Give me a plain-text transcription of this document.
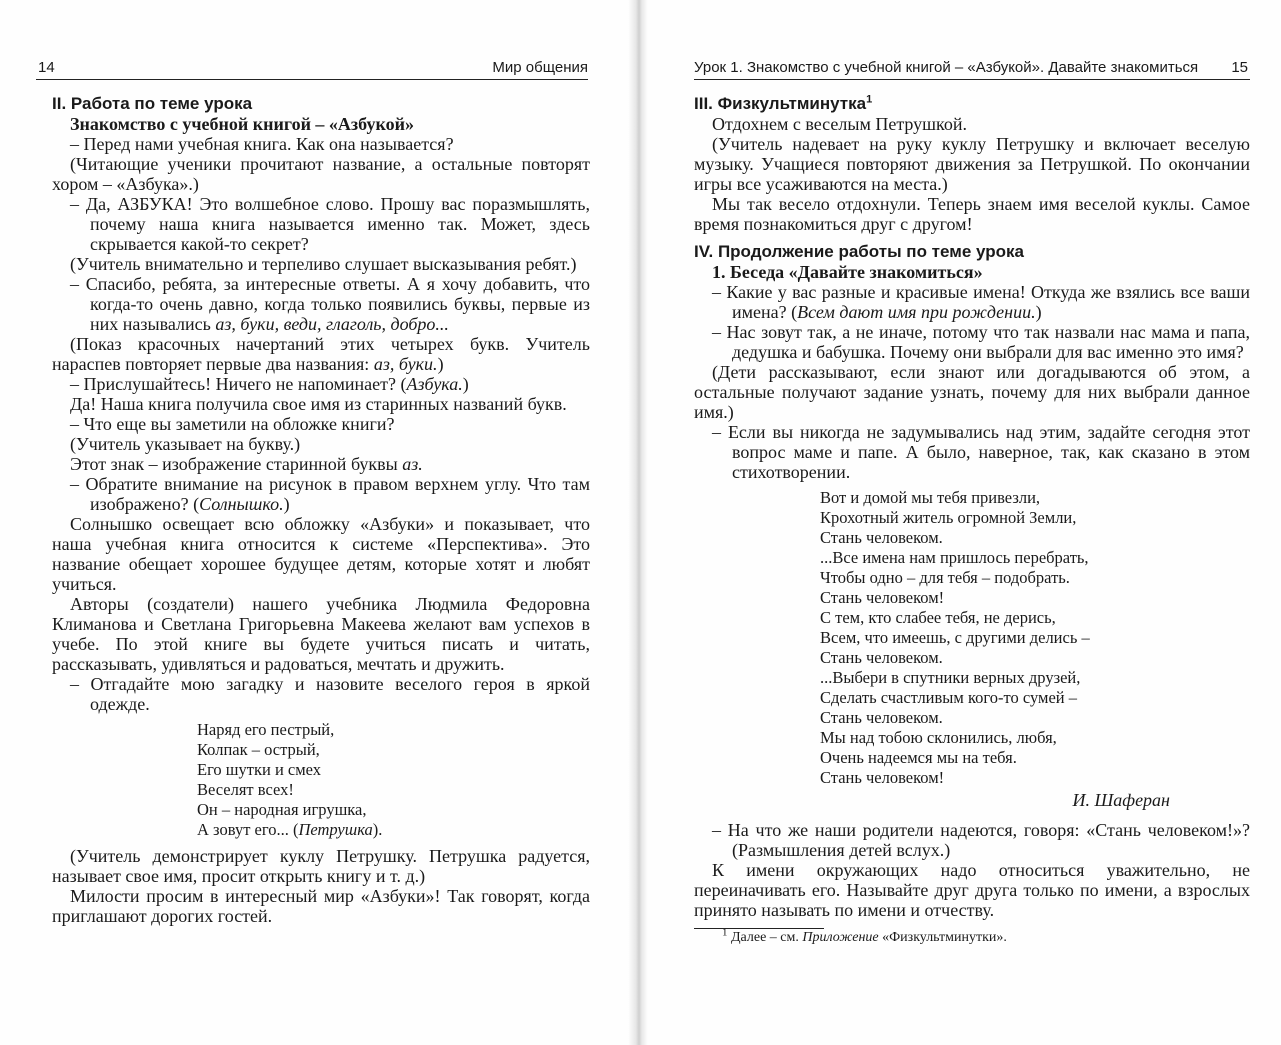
14	Мир общения	Урок 1. Знакомство с учебной книгой – «Азбукой». Давайте знакомиться 15

II. Работа по теме урока

Знакомство с учебной книгой – «Азбукой»

– Перед нами учебная книга. Как она называется?

(Читающие ученики прочитают название, а остальные повторят хором – «Азбука».)

– Да, АЗБУКА! Это волшебное слово. Прошу вас поразмышлять, почему наша книга называется именно так. Может, здесь скрывается какой-то секрет?

(Учитель внимательно и терпеливо слушает высказывания ребят.)

– Спасибо, ребята, за интересные ответы. А я хочу добавить, что когда-то очень давно, когда только появились буквы, первые из них назывались аз, буки, веди, глаголь, добро...

(Показ красочных начертаний этих четырех букв. Учитель нараспев повторяет первые два названия: аз, буки.)

– Прислушайтесь! Ничего не напоминает? (Азбука.)

Да! Наша книга получила свое имя из старинных названий букв.

– Что еще вы заметили на обложке книги?

(Учитель указывает на букву.)

Этот знак – изображение старинной буквы аз.

– Обратите внимание на рисунок в правом верхнем углу. Что там изображено? (Солнышко.)

Солнышко освещает всю обложку «Азбуки» и показывает, что наша учебная книга относится к системе «Перспектива». Это название обещает хорошее будущее детям, которые хотят и любят учиться.

Авторы (создатели) нашего учебника Людмила Федоровна Климанова и Светлана Григорьевна Макеева желают вам успехов в учебе. По этой книге вы будете учиться писать и читать, рассказывать, удивляться и радоваться, мечтать и дружить.

– Отгадайте мою загадку и назовите веселого героя в яркой одежде.

Наряд его пестрый,
Колпак – острый,
Его шутки и смех
Веселят всех!
Он – народная игрушка,
А зовут его... (Петрушка).

(Учитель демонстрирует куклу Петрушку. Петрушка радуется, называет свое имя, просит открыть книгу и т. д.)

Милости просим в интересный мир «Азбуки»! Так говорят, когда приглашают дорогих гостей.

III. Физкультминутка$^1$

Отдохнем с веселым Петрушкой.

(Учитель надевает на руку куклу Петрушку и включает веселую музыку. Учащиеся повторяют движения за Петрушкой. По окончании игры все усаживаются на места.)

Мы так весело отдохнули. Теперь знаем имя веселой куклы. Самое время познакомиться друг с другом!

IV. Продолжение работы по теме урока

1. Беседа «Давайте знакомиться»

– Какие у вас разные и красивые имена! Откуда же взялись все ваши имена? (Всем дают имя при рождении.)

– Нас зовут так, а не иначе, потому что так назвали нас мама и папа, дедушка и бабушка. Почему они выбрали для вас именно это имя?

(Дети рассказывают, если знают или догадываются об этом, а остальные получают задание узнать, почему для них выбрали данное имя.)

– Если вы никогда не задумывались над этим, задайте сегодня этот вопрос маме и папе. А было, наверное, так, как сказано в этом стихотворении.

Вот и домой мы тебя привезли,
Крохотный житель огромной Земли,
Стань человеком.
...Все имена нам пришлось перебрать,
Чтобы одно – для тебя – подобрать.
Стань человеком!
С тем, кто слабее тебя, не дерись,
Всем, что имеешь, с другими делись –
Стань человеком.
...Выбери в спутники верных друзей,
Сделать счастливым кого-то сумей –
Стань человеком.
Мы над тобою склонились, любя,
Очень надеемся мы на тебя.
Стань человеком!

И. Шаферан

– На что же наши родители надеются, говоря: «Стань человеком!»? (Размышления детей вслух.)

К имени окружающих надо относиться уважительно, не переиначивать его. Называйте друг друга только по имени, а взрослых принято называть по имени и отчеству.

$^1$ Далее – см. Приложение «Физкультминутки».
